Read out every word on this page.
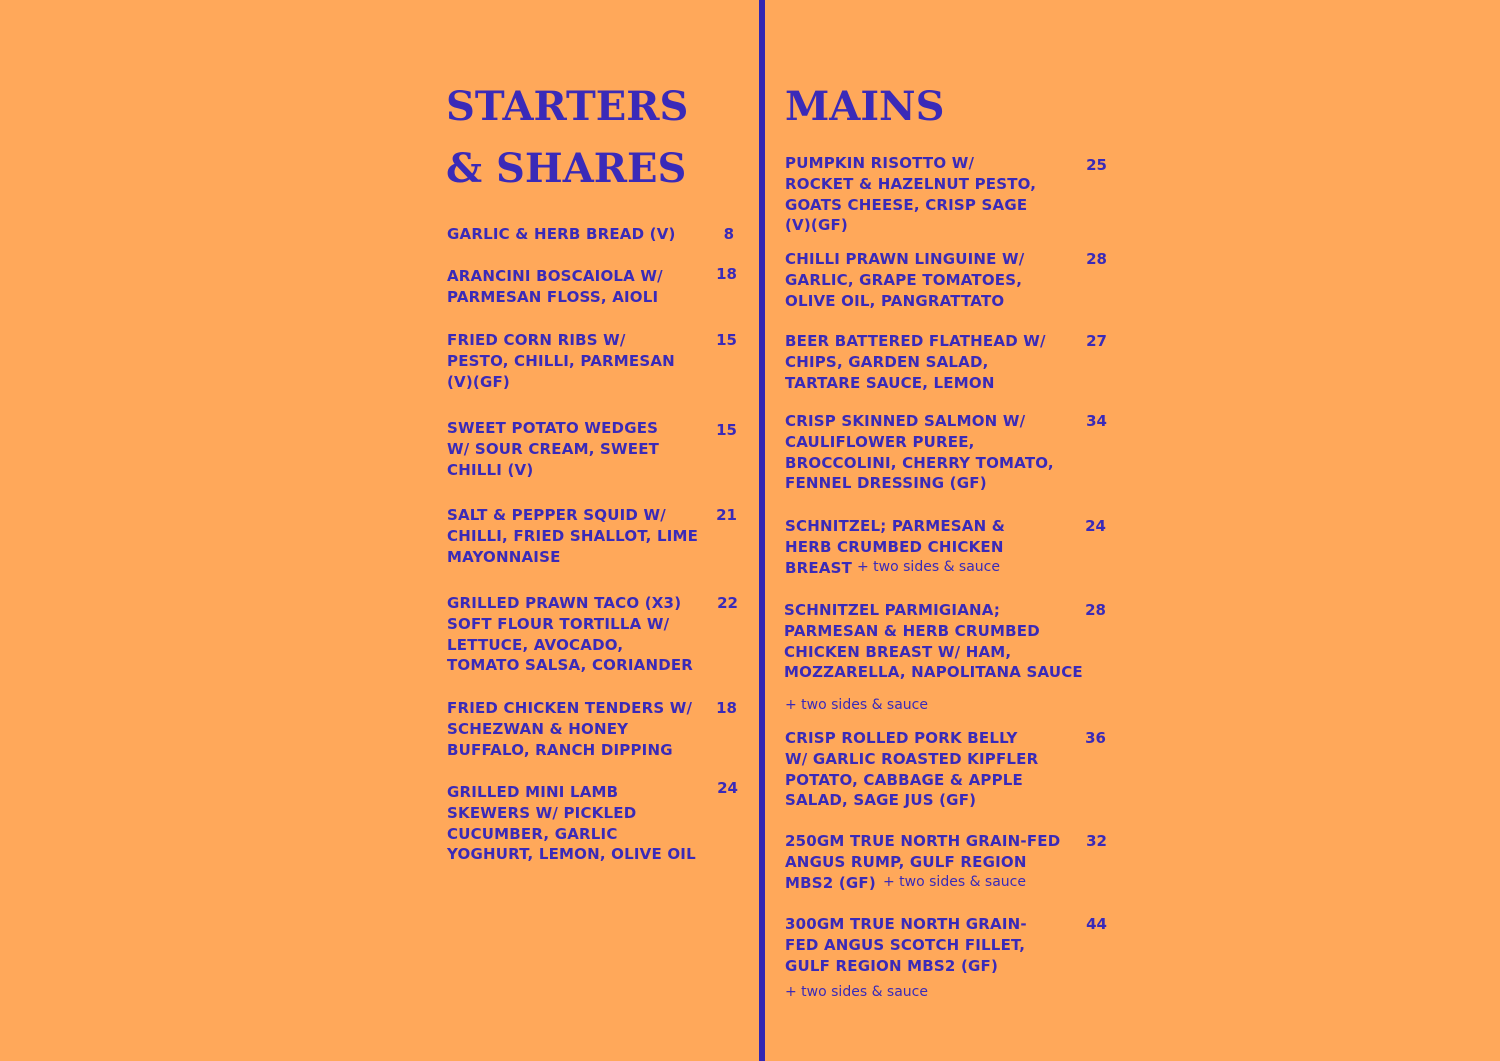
STARTERS
& SHARES
GARLIC & HERB BREAD (V)	8
ARANCINI BOSCAIOLA W/
PARMESAN FLOSS, AIOLI
18
FRIED CORN RIBS W/
PESTO, CHILLI, PARMESAN
(V)(GF)
15
SWEET POTATO WEDGES
W/ SOUR CREAM, SWEET
CHILLI (V)
15
SALT & PEPPER SQUID W/
CHILLI, FRIED SHALLOT, LIME
MAYONNAISE
21
GRILLED PRAWN TACO (X3)
SOFT FLOUR TORTILLA W/
LETTUCE, AVOCADO,
TOMATO SALSA, CORIANDER
22
FRIED CHICKEN TENDERS W/
SCHEZWAN & HONEY
BUFFALO, RANCH DIPPING
18
GRILLED MINI LAMB
SKEWERS W/ PICKLED
CUCUMBER, GARLIC
YOGHURT, LEMON, OLIVE OIL
24
MAINS
PUMPKIN RISOTTO W/
ROCKET & HAZELNUT PESTO,
GOATS CHEESE, CRISP SAGE
(V)(GF)
25
CHILLI PRAWN LINGUINE W/
GARLIC, GRAPE TOMATOES,
OLIVE OIL, PANGRATTATO
28
BEER BATTERED FLATHEAD W/
CHIPS, GARDEN SALAD,
TARTARE SAUCE, LEMON
27
CRISP SKINNED SALMON W/
CAULIFLOWER PUREE,
BROCCOLINI, CHERRY TOMATO,
FENNEL DRESSING (GF)
34
SCHNITZEL; PARMESAN &
HERB CRUMBED CHICKEN
BREAST + two sides & sauce
24
SCHNITZEL PARMIGIANA;
PARMESAN & HERB CRUMBED
CHICKEN BREAST W/ HAM,
MOZZARELLA, NAPOLITANA SAUCE
+ two sides & sauce
28
CRISP ROLLED PORK BELLY
W/ GARLIC ROASTED KIPFLER
POTATO, CABBAGE & APPLE
SALAD, SAGE JUS (GF)
36
250GM TRUE NORTH GRAIN-FED
ANGUS RUMP, GULF REGION
MBS2 (GF) + two sides & sauce
32
300GM TRUE NORTH GRAIN-
FED ANGUS SCOTCH FILLET,
GULF REGION MBS2 (GF)
+ two sides & sauce
44
